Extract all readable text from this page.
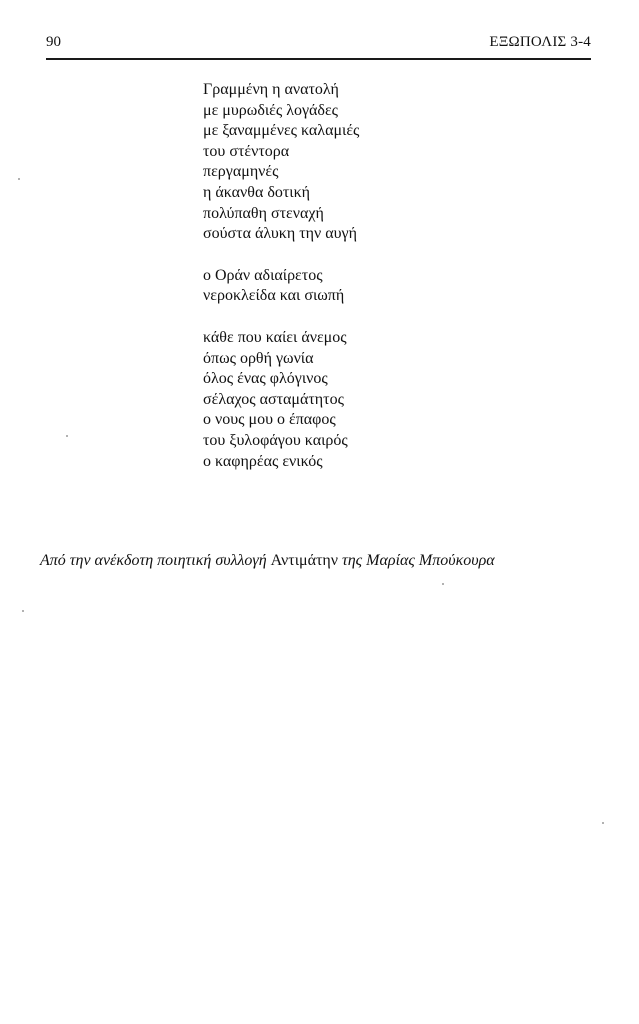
90	ΕΞΩΠΟΛΙΣ 3-4
Γραμμένη η ανατολή
με μυρωδιές λογάδες
με ξαναμμένες καλαμιές
του στέντορα
περγαμηνές
η άκανθα δοτική
πολύπαθη στεναχή
σούστα άλυκη την αυγή
ο Οράν αδιαίρετος
νεροκλείδα και σιωπή
κάθε που καίει άνεμος
όπως ορθή γωνία
όλος ένας φλόγινος
σέλαχος ασταμάτητος
ο νους μου ο έπαφος
του ξυλοφάγου καιρός
ο καφηρέας ενικός
Από την ανέκδοτη ποιητική συλλογή Αντιμάτην της Μαρίας Μπούκουρα
